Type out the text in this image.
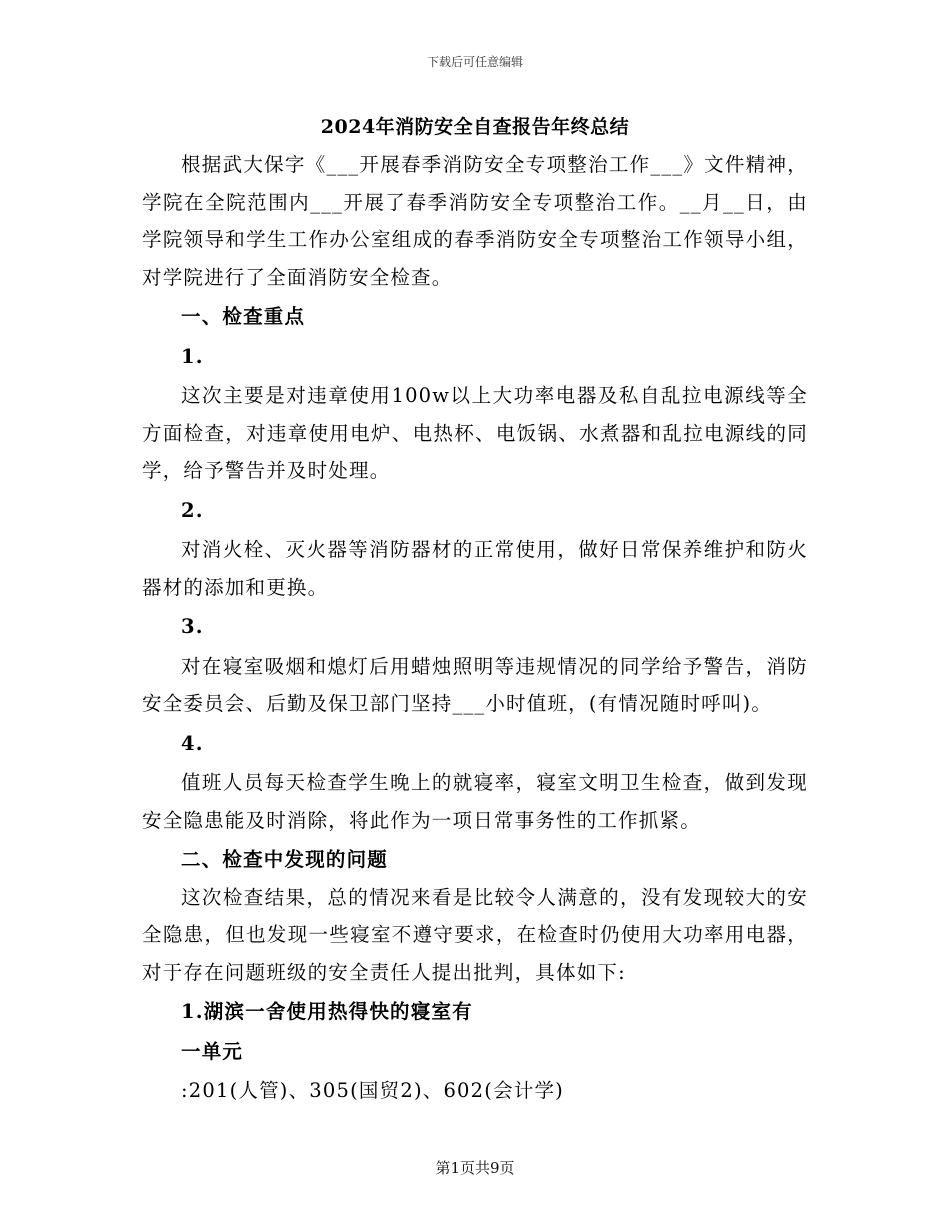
下载后可任意编辑
2024年消防安全自查报告年终总结

根据武大保字《___开展春季消防安全专项整治工作___》文件精神，学院在全院范围内___开展了春季消防安全专项整治工作。__月__日，由学院领导和学生工作办公室组成的春季消防安全专项整治工作领导小组，对学院进行了全面消防安全检查。

一、检查重点

1.

这次主要是对违章使用100w以上大功率电器及私自乱拉电源线等全方面检查，对违章使用电炉、电热杯、电饭锅、水煮器和乱拉电源线的同学，给予警告并及时处理。

2.

对消火栓、灭火器等消防器材的正常使用，做好日常保养维护和防火器材的添加和更换。

3.

对在寝室吸烟和熄灯后用蜡烛照明等违规情况的同学给予警告，消防安全委员会、后勤及保卫部门坚持___小时值班，(有情况随时呼叫)。

4.

值班人员每天检查学生晚上的就寝率，寝室文明卫生检查，做到发现安全隐患能及时消除，将此作为一项日常事务性的工作抓紧。

二、检查中发现的问题

这次检查结果，总的情况来看是比较令人满意的，没有发现较大的安全隐患，但也发现一些寝室不遵守要求，在检查时仍使用大功率用电器，对于存在问题班级的安全责任人提出批判，具体如下:

1.湖滨一舍使用热得快的寝室有

一单元

:201(人管)、305(国贸2)、602(会计学)

第1页共9页
